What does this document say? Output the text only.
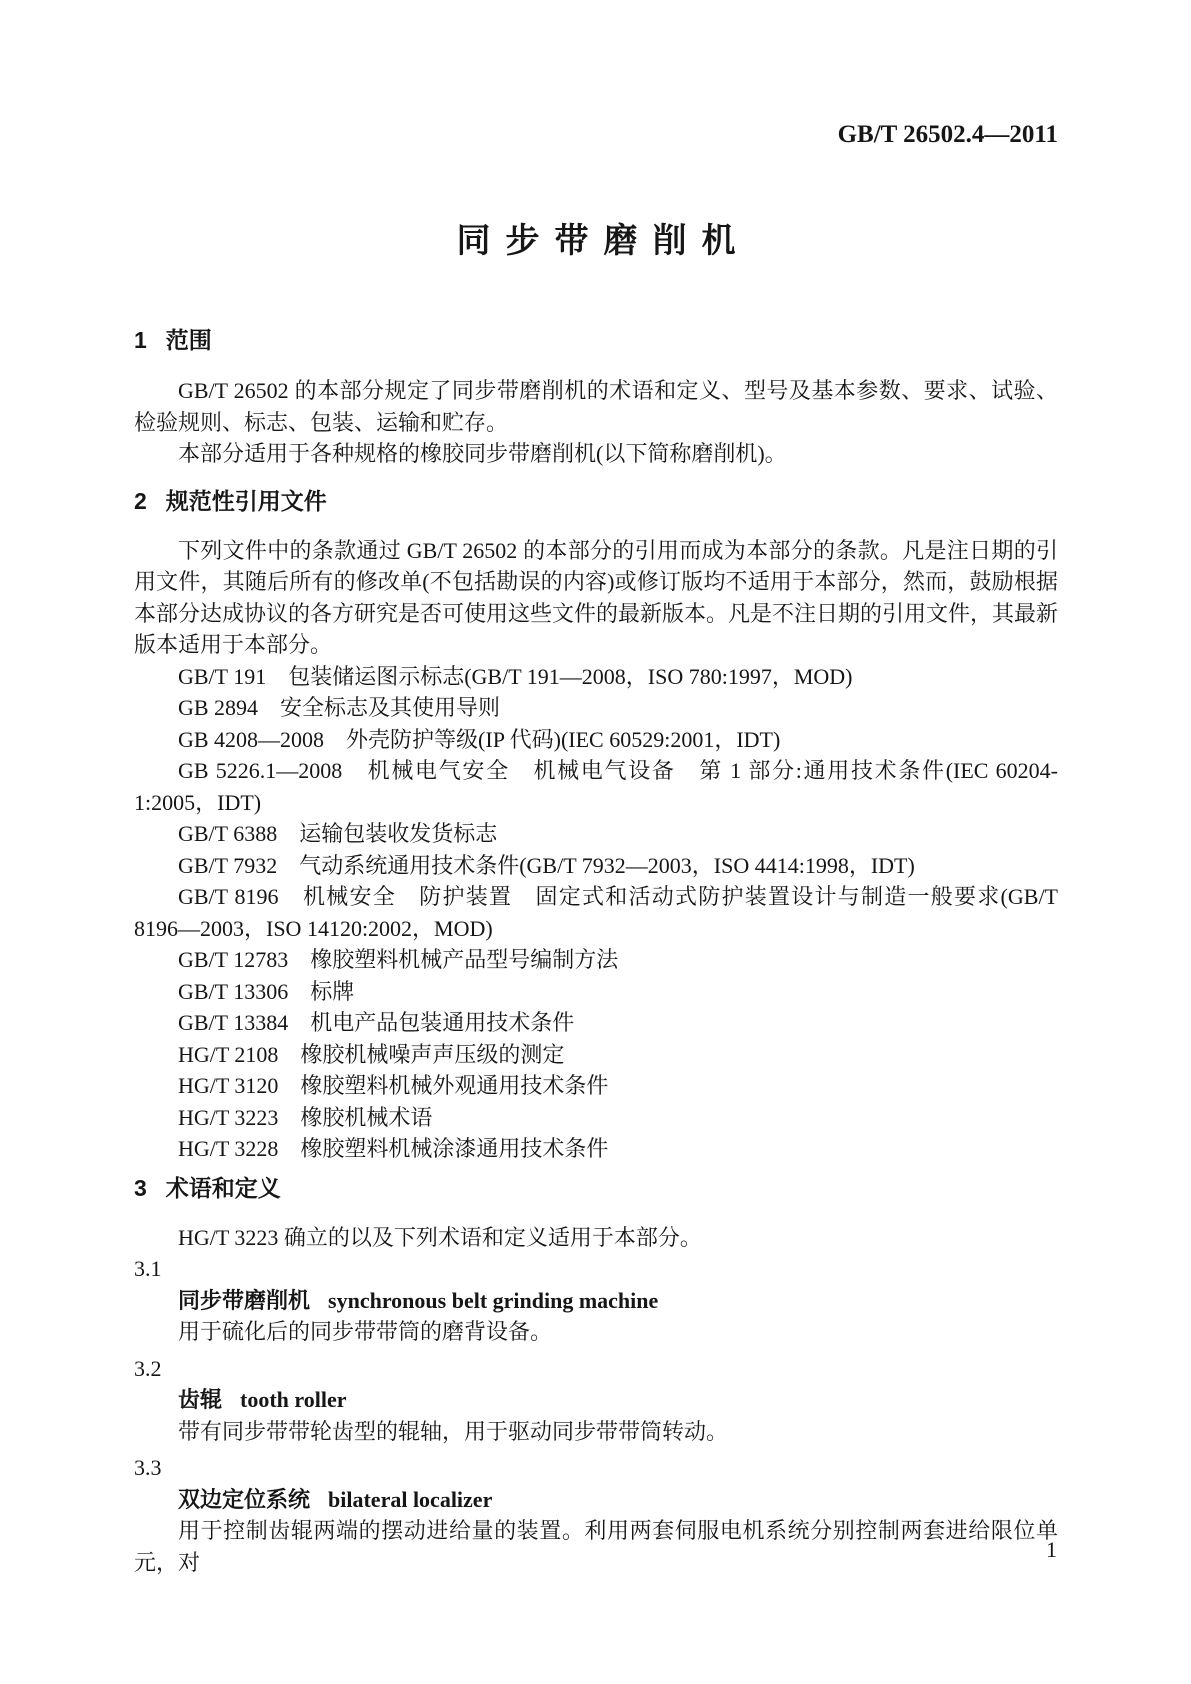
GB/T 26502.4—2011
同步带磨削机
1 范围

GB/T 26502 的本部分规定了同步带磨削机的术语和定义、型号及基本参数、要求、试验、检验规则、标志、包装、运输和贮存。

本部分适用于各种规格的橡胶同步带磨削机(以下简称磨削机)。

2 规范性引用文件

下列文件中的条款通过 GB/T 26502 的本部分的引用而成为本部分的条款。凡是注日期的引用文件，其随后所有的修改单(不包括勘误的内容)或修订版均不适用于本部分，然而，鼓励根据本部分达成协议的各方研究是否可使用这些文件的最新版本。凡是不注日期的引用文件，其最新版本适用于本部分。

GB/T 191　包装储运图示标志(GB/T 191—2008，ISO 780:1997，MOD)

GB 2894　安全标志及其使用导则

GB 4208—2008　外壳防护等级(IP 代码)(IEC 60529:2001，IDT)

GB 5226.1—2008　机械电气安全　机械电气设备　第 1 部分:通用技术条件(IEC 60204-1:2005，IDT)

GB/T 6388　运输包装收发货标志

GB/T 7932　气动系统通用技术条件(GB/T 7932—2003，ISO 4414:1998，IDT)

GB/T 8196　机械安全　防护装置　固定式和活动式防护装置设计与制造一般要求(GB/T 8196—2003，ISO 14120:2002，MOD)

GB/T 12783　橡胶塑料机械产品型号编制方法

GB/T 13306　标牌

GB/T 13384　机电产品包装通用技术条件

HG/T 2108　橡胶机械噪声声压级的测定

HG/T 3120　橡胶塑料机械外观通用技术条件

HG/T 3223　橡胶机械术语

HG/T 3228　橡胶塑料机械涂漆通用技术条件

3 术语和定义

HG/T 3223 确立的以及下列术语和定义适用于本部分。

3.1
同步带磨削机 synchronous belt grinding machine

用于硫化后的同步带带筒的磨背设备。

3.2
齿辊 tooth roller

带有同步带带轮齿型的辊轴，用于驱动同步带带筒转动。

3.3
双边定位系统 bilateral localizer

用于控制齿辊两端的摆动进给量的装置。利用两套伺服电机系统分别控制两套进给限位单元，对	1
